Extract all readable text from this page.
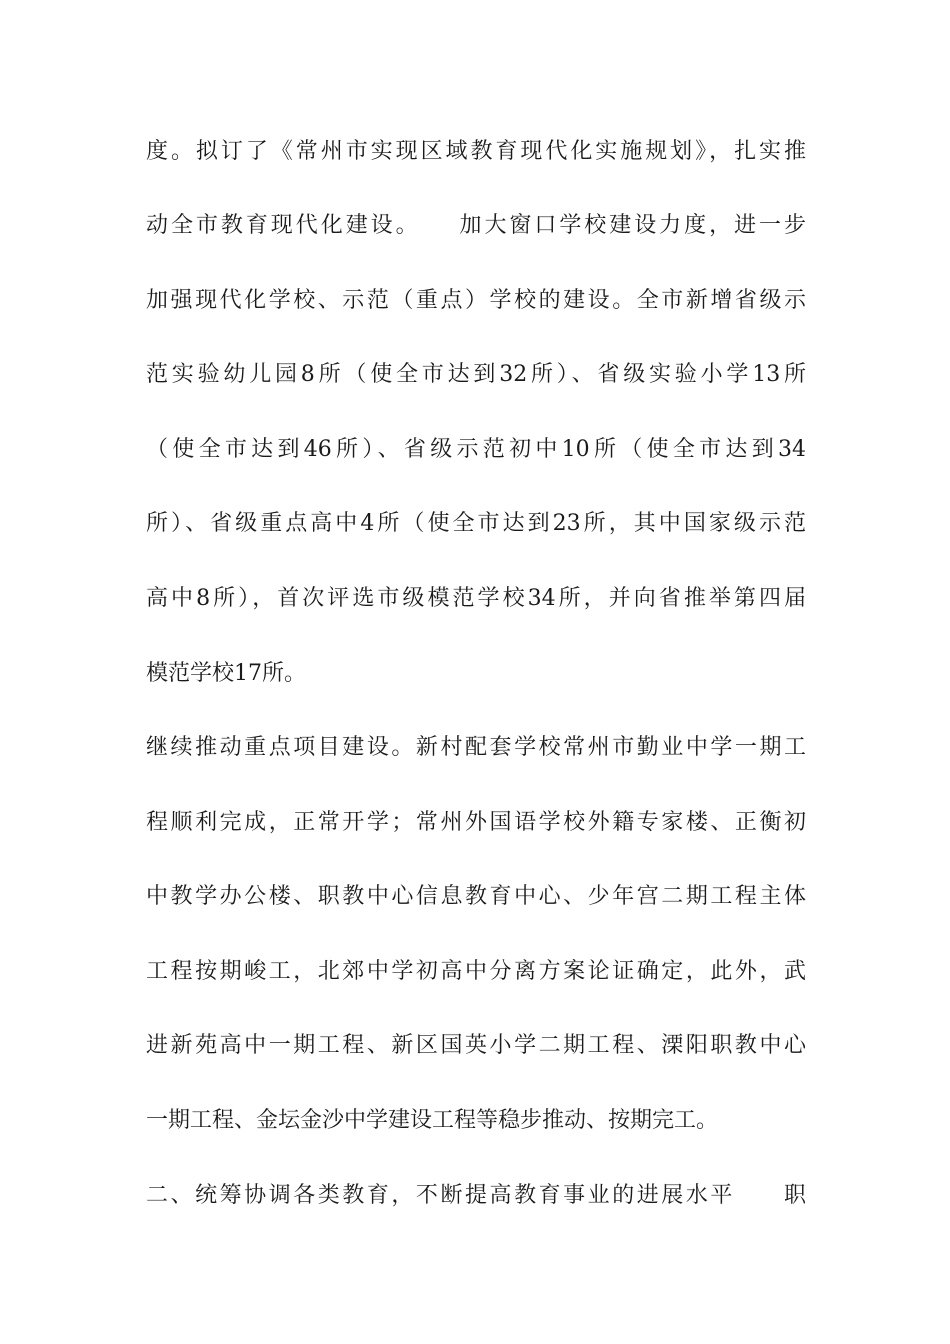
度。拟订了《常州市实现区域教育现代化实施规划》，扎实推
动全市教育现代化建设。　　加大窗口学校建设力度，进一步
加强现代化学校、示范（重点）学校的建设。全市新增省级示
范实验幼儿园8所（使全市达到32所）、省级实验小学13所
（使全市达到46所）、省级示范初中10所（使全市达到34
所）、省级重点高中4所（使全市达到23所，其中国家级示范
高中8所），首次评选市级模范学校34所，并向省推举第四届
模范学校17所。
继续推动重点项目建设。新村配套学校常州市勤业中学一期工
程顺利完成，正常开学；常州外国语学校外籍专家楼、正衡初
中教学办公楼、职教中心信息教育中心、少年宫二期工程主体
工程按期峻工，北郊中学初高中分离方案论证确定，此外，武
进新苑高中一期工程、新区国英小学二期工程、溧阳职教中心
一期工程、金坛金沙中学建设工程等稳步推动、按期完工。
二、统筹协调各类教育，不断提高教育事业的进展水平　　职
